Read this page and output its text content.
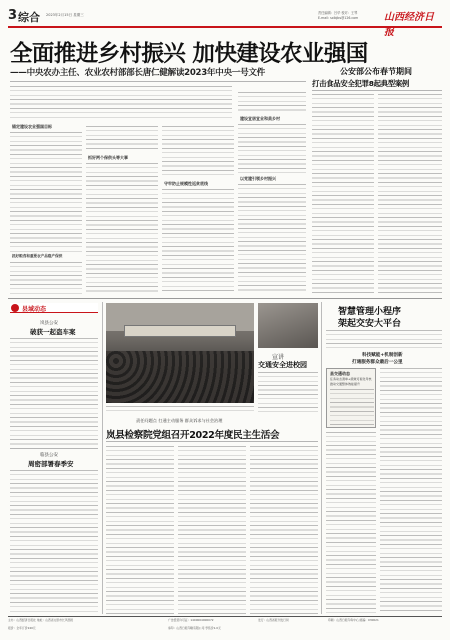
3 综合 2023年2月15日 星期三	责任编辑：吕华 校对：王琴
E-mail: sxlbjbs@126.com	山西经济日报
全面推进乡村振兴 加快建设农业强国
——中央农办主任、农业农村部部长唐仁健解读2023年中央一号文件
锚定建设农业强国目标
抓好粮食和重要农产品稳产保供
抓好两个保供头等大事
守牢防止规模性返贫底线
建设宜居宜业和美乡村
以党建引领乡村振兴
公安部公布春节期间
打击食品安全犯罪8起典型案例
县域动态
岚县公安
破获一起盗车案
临县公安
周密部署春季安
宣讲
交通安全进校园
责任问题点 打通主动服务 群众诉求与社会治理
岚县检察院党组召开2022年度民主生活会
智慧管理小程序
架起交安大平台
科技赋能+机制创新
打通服务群众最后一公里
县交通动态
任务动态清单+绩效可视化考核
推动交通整体效能提升
主办：山西经济日报社 地址：山西省太原市长风西街	广告经营许可证：1400004000072	发行：山西省报刊发行局	印刷：山西日报印务中心 邮编：030021
报价：全年订价240元	承印：山西日报印刷有限公司 零售价1.0元
